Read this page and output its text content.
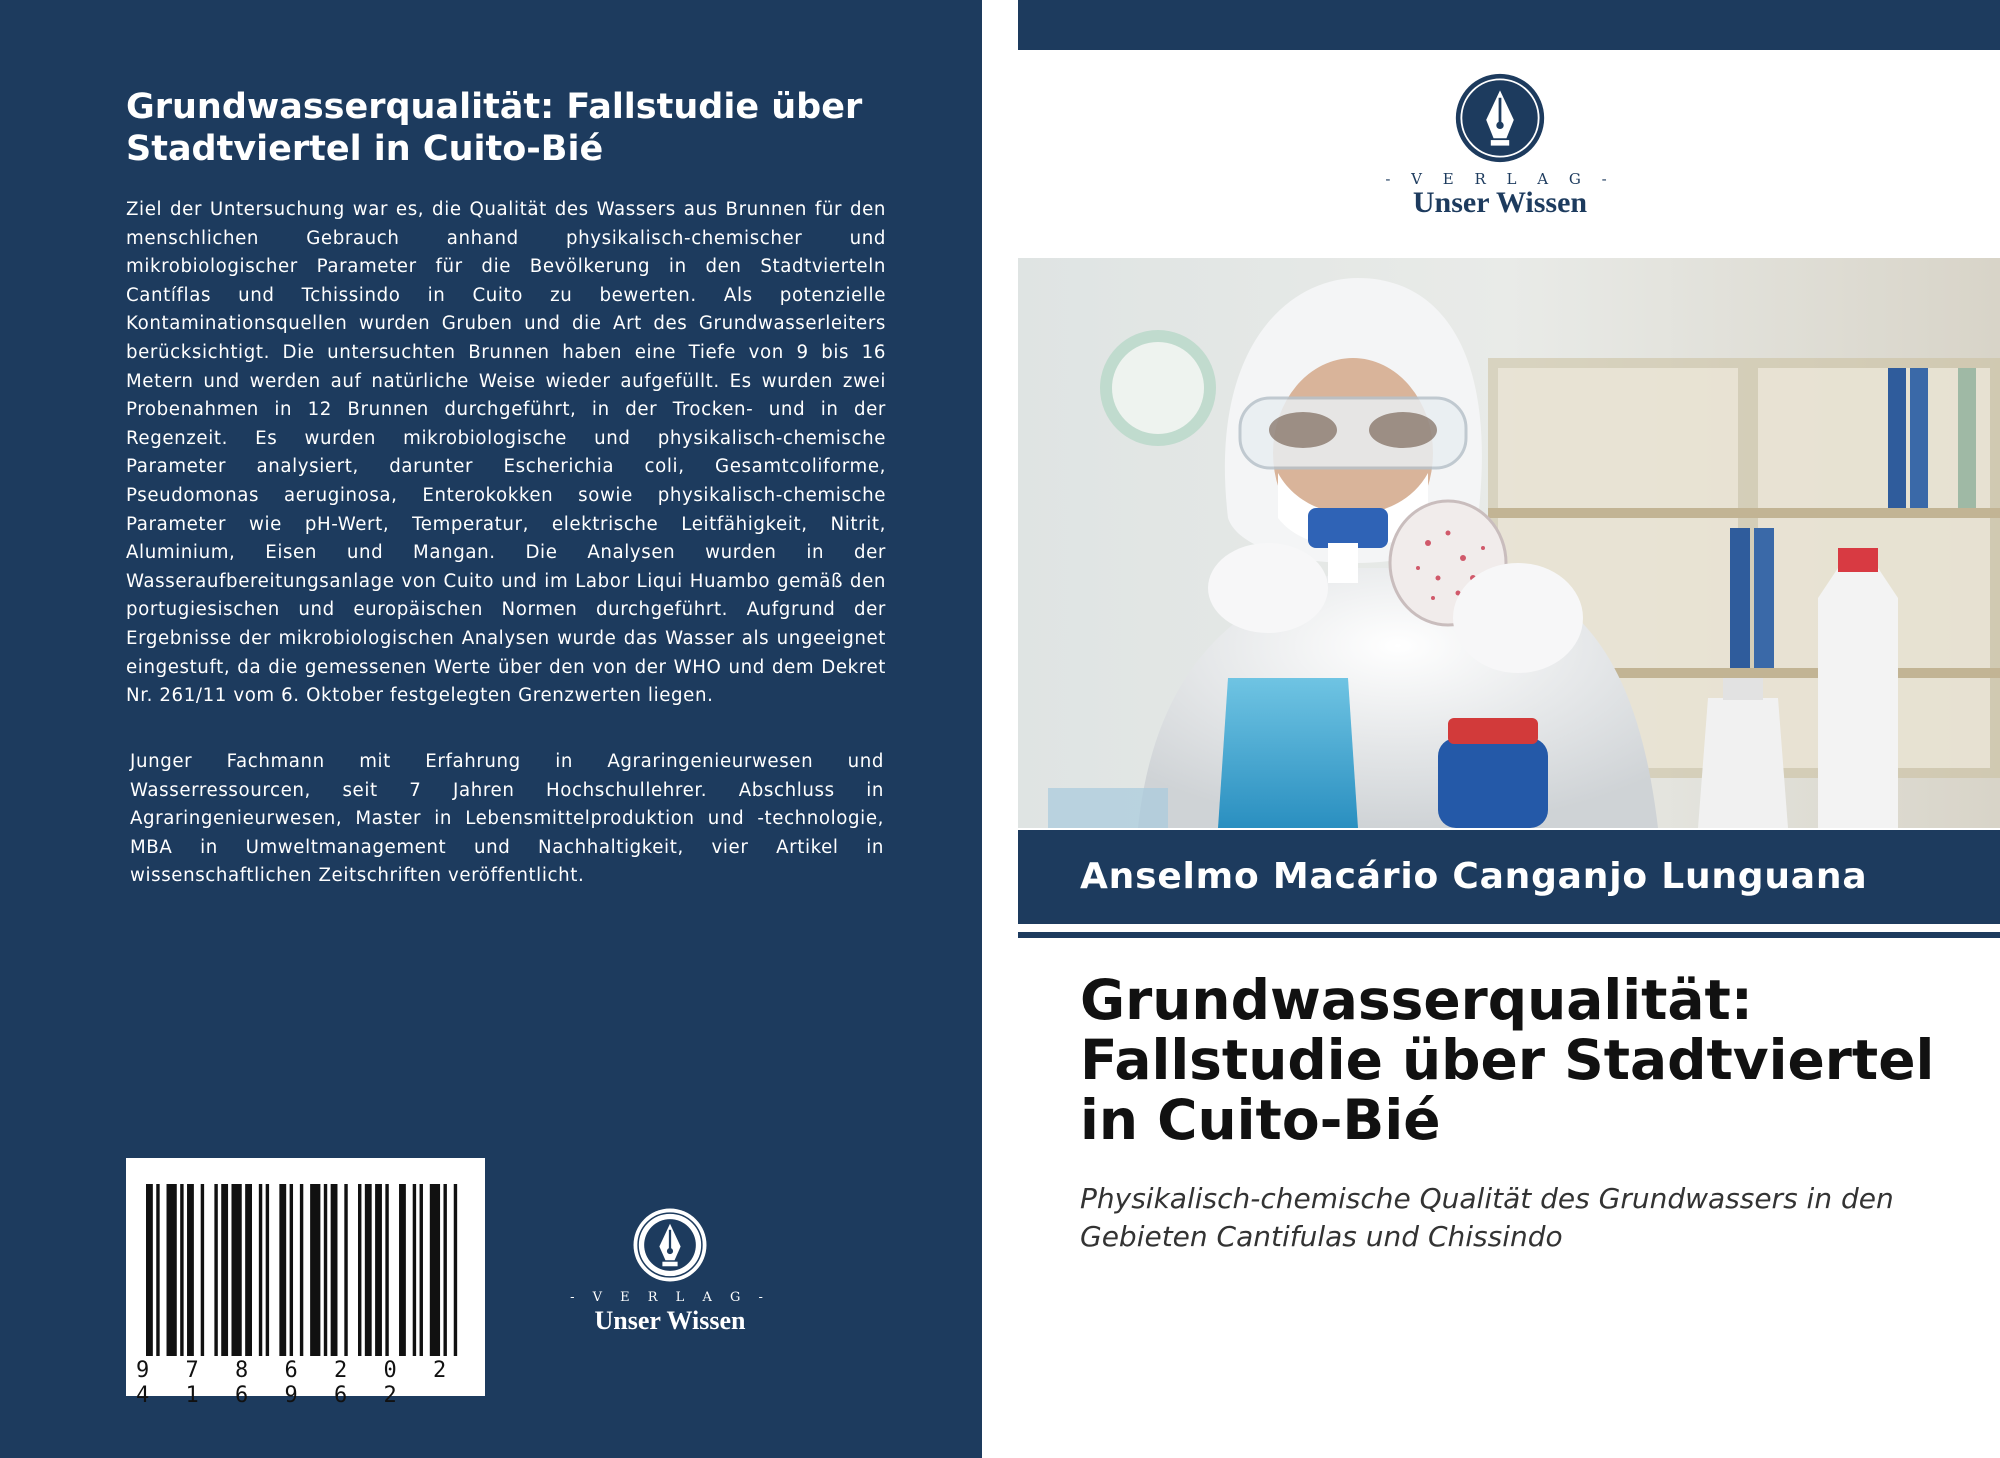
Grundwasserqualität: Fallstudie über Stadtviertel in Cuito-Bié
Ziel der Untersuchung war es, die Qualität des Wassers aus Brunnen für den menschlichen Gebrauch anhand physikalisch-chemischer und mikrobiologischer Parameter für die Bevölkerung in den Stadtvierteln Cantíflas und Tchissindo in Cuito zu bewerten. Als potenzielle Kontaminationsquellen wurden Gruben und die Art des Grundwasserleiters berücksichtigt. Die untersuchten Brunnen haben eine Tiefe von 9 bis 16 Metern und werden auf natürliche Weise wieder aufgefüllt. Es wurden zwei Probenahmen in 12 Brunnen durchgeführt, in der Trocken- und in der Regenzeit. Es wurden mikrobiologische und physikalisch-chemische Parameter analysiert, darunter Escherichia coli, Gesamtcoliforme, Pseudomonas aeruginosa, Enterokokken sowie physikalisch-chemische Parameter wie pH-Wert, Temperatur, elektrische Leitfähigkeit, Nitrit, Aluminium, Eisen und Mangan. Die Analysen wurden in der Wasseraufbereitungsanlage von Cuito und im Labor Liqui Huambo gemäß den portugiesischen und europäischen Normen durchgeführt. Aufgrund der Ergebnisse der mikrobiologischen Analysen wurde das Wasser als ungeeignet eingestuft, da die gemessenen Werte über den von der WHO und dem Dekret Nr. 261/11 vom 6. Oktober festgelegten Grenzwerten liegen.
Junger Fachmann mit Erfahrung in Agraringenieurwesen und Wasserressourcen, seit 7 Jahren Hochschullehrer. Abschluss in Agraringenieurwesen, Master in Lebensmittelproduktion und -technologie, MBA in Umweltmanagement und Nachhaltigkeit, vier Artikel in wissenschaftlichen Zeitschriften veröffentlicht.
9 7 8 6 2 0 2 4 1 6 9 6 2
- V E R L A G -
Unser Wissen
- V E R L A G -
Unser Wissen
Anselmo Macário Canganjo Lunguana
Grundwasserqualität: Fallstudie über Stadtviertel in Cuito-Bié
Physikalisch-chemische Qualität des Grundwassers in den Gebieten Cantifulas und Chissindo
